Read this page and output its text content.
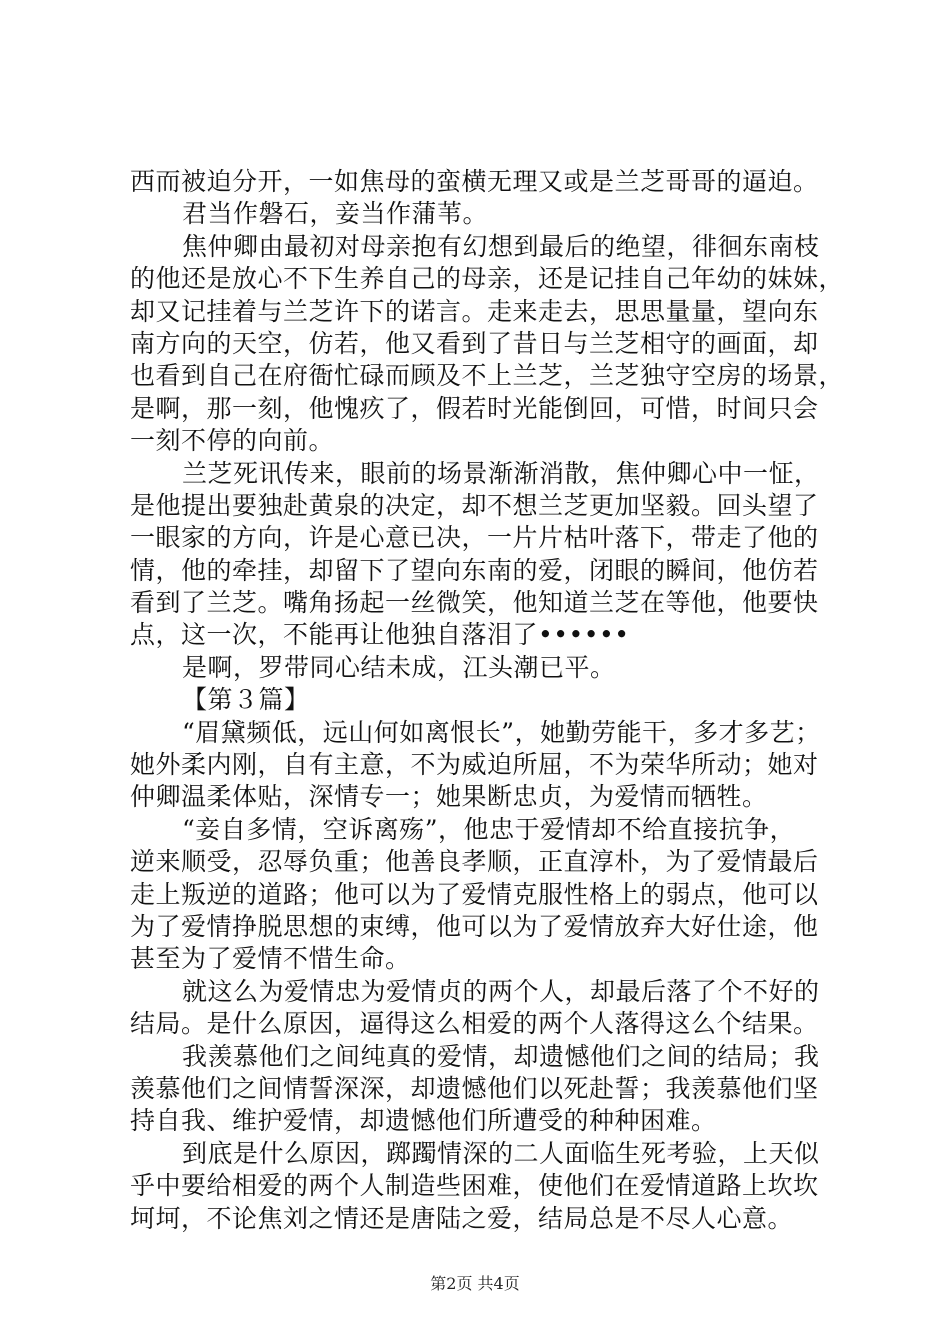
西而被迫分开，一如焦母的蛮横无理又或是兰芝哥哥的逼迫。
君当作磐石，妾当作蒲苇。
焦仲卿由最初对母亲抱有幻想到最后的绝望，徘徊东南枝
的他还是放心不下生养自己的母亲，还是记挂自己年幼的妹妹，
却又记挂着与兰芝许下的诺言。走来走去，思思量量，望向东
南方向的天空，仿若，他又看到了昔日与兰芝相守的画面，却
也看到自己在府衙忙碌而顾及不上兰芝，兰芝独守空房的场景，
是啊，那一刻，他愧疚了，假若时光能倒回，可惜，时间只会
一刻不停的向前。
兰芝死讯传来，眼前的场景渐渐消散，焦仲卿心中一怔，
是他提出要独赴黄泉的决定，却不想兰芝更加坚毅。回头望了
一眼家的方向，许是心意已决，一片片枯叶落下，带走了他的
情，他的牵挂，却留下了望向东南的爱，闭眼的瞬间，他仿若
看到了兰芝。嘴角扬起一丝微笑，他知道兰芝在等他，他要快
点，这一次，不能再让他独自落泪了••••••
是啊，罗带同心结未成，江头潮已平。
【第３篇】
“眉黛频低，远山何如离恨长”，她勤劳能干，多才多艺；
她外柔内刚，自有主意，不为威迫所屈，不为荣华所动；她对
仲卿温柔体贴，深情专一；她果断忠贞，为爱情而牺牲。
“妾自多情，空诉离殇”，他忠于爱情却不给直接抗争，
逆来顺受，忍辱负重；他善良孝顺，正直淳朴，为了爱情最后
走上叛逆的道路；他可以为了爱情克服性格上的弱点，他可以
为了爱情挣脱思想的束缚，他可以为了爱情放弃大好仕途，他
甚至为了爱情不惜生命。
就这么为爱情忠为爱情贞的两个人，却最后落了个不好的
结局。是什么原因，逼得这么相爱的两个人落得这么个结果。
我羡慕他们之间纯真的爱情，却遗憾他们之间的结局；我
羡慕他们之间情誓深深，却遗憾他们以死赴誓；我羡慕他们坚
持自我、维护爱情，却遗憾他们所遭受的种种困难。
到底是什么原因，踯躅情深的二人面临生死考验，上天似
乎中要给相爱的两个人制造些困难，使他们在爱情道路上坎坎
坷坷，不论焦刘之情还是唐陆之爱，结局总是不尽人心意。
第2页 共4页
